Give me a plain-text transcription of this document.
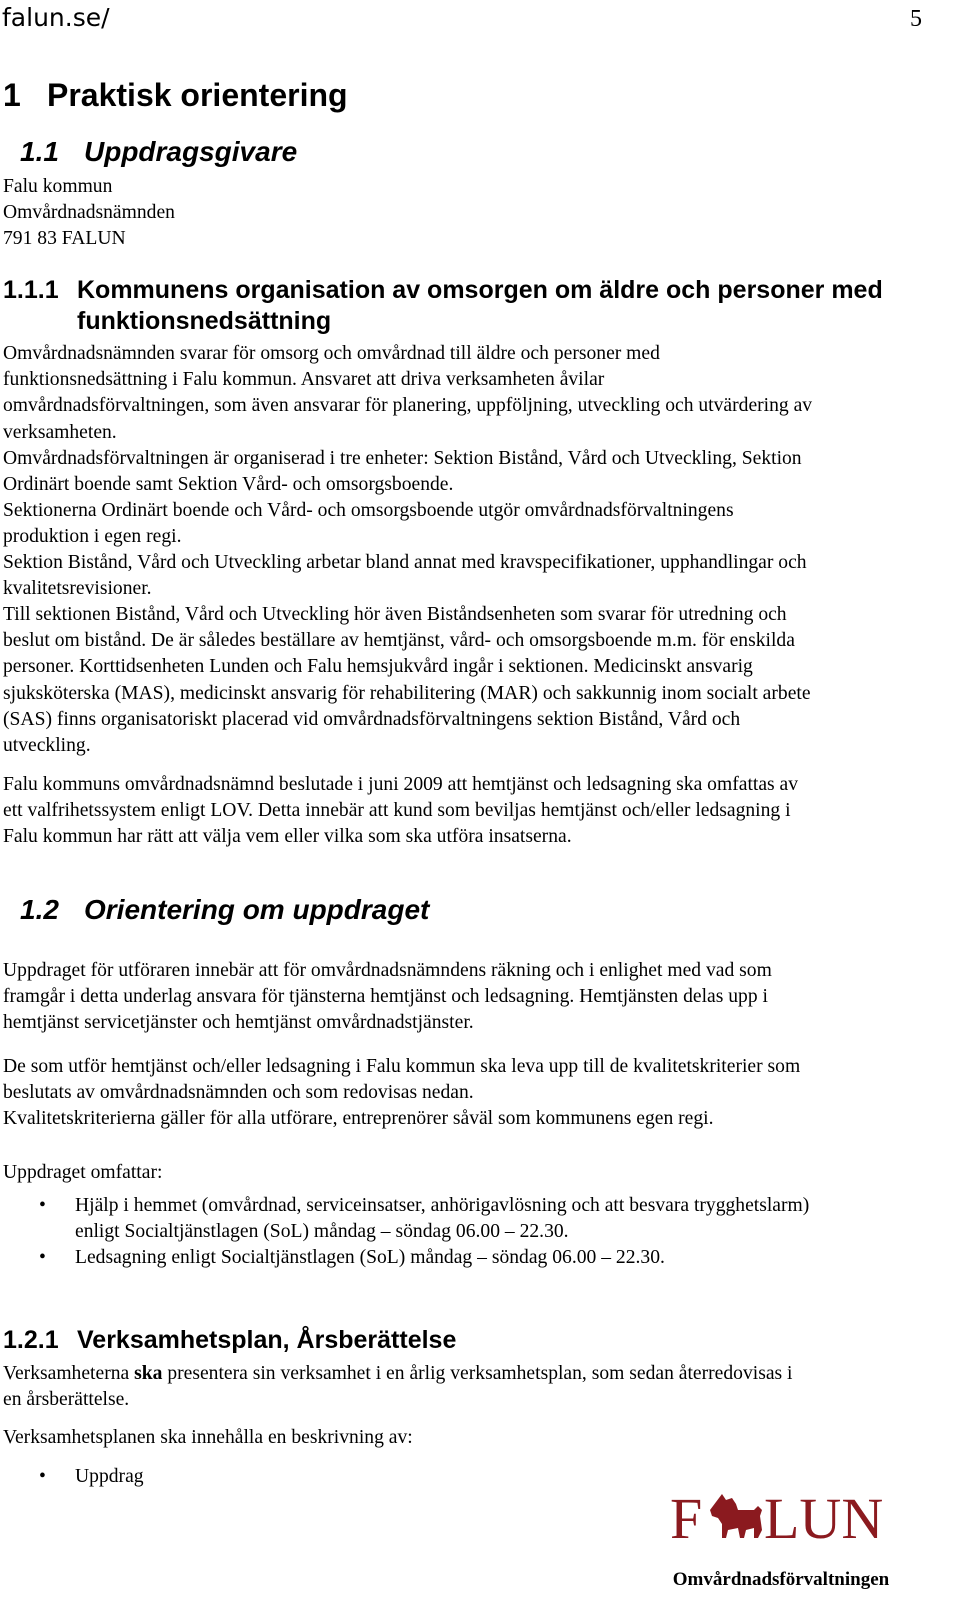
falun.se/	5
1 Praktisk orientering
1.1 Uppdragsgivare
Falu kommun
Omvårdnadsnämnden
791 83 FALUN
1.1.1 Kommunens organisation av omsorgen om äldre och personer med funktionsnedsättning
Omvårdnadsnämnden svarar för omsorg och omvårdnad till äldre och personer med
funktionsnedsättning i Falu kommun. Ansvaret att driva verksamheten åvilar
omvårdnadsförvaltningen, som även ansvarar för planering, uppföljning, utveckling och utvärdering av
verksamheten.
Omvårdnadsförvaltningen är organiserad i tre enheter: Sektion Bistånd, Vård och Utveckling, Sektion
Ordinärt boende samt Sektion Vård- och omsorgsboende.
Sektionerna Ordinärt boende och Vård- och omsorgsboende utgör omvårdnadsförvaltningens
produktion i egen regi.
Sektion Bistånd, Vård och Utveckling arbetar bland annat med kravspecifikationer, upphandlingar och
kvalitetsrevisioner.
Till sektionen Bistånd, Vård och Utveckling hör även Biståndsenheten som svarar för utredning och
beslut om bistånd. De är således beställare av hemtjänst, vård- och omsorgsboende m.m. för enskilda
personer. Korttidsenheten Lunden och Falu hemsjukvård ingår i sektionen. Medicinskt ansvarig
sjuksköterska (MAS), medicinskt ansvarig för rehabilitering (MAR) och sakkunnig inom socialt arbete
(SAS) finns organisatoriskt placerad vid omvårdnadsförvaltningens sektion Bistånd, Vård och
utveckling.
Falu kommuns omvårdnadsnämnd beslutade i juni 2009 att hemtjänst och ledsagning ska omfattas av
ett valfrihetssystem enligt LOV. Detta innebär att kund som beviljas hemtjänst och/eller ledsagning i
Falu kommun har rätt att välja vem eller vilka som ska utföra insatserna.
1.2 Orientering om uppdraget
Uppdraget för utföraren innebär att för omvårdnadsnämndens räkning och i enlighet med vad som
framgår i detta underlag ansvara för tjänsterna hemtjänst och ledsagning. Hemtjänsten delas upp i
hemtjänst servicetjänster och hemtjänst omvårdnadstjänster.
De som utför hemtjänst och/eller ledsagning i Falu kommun ska leva upp till de kvalitetskriterier som
beslutats av omvårdnadsnämnden och som redovisas nedan.
Kvalitetskriterierna gäller för alla utförare, entreprenörer såväl som kommunens egen regi.
Uppdraget omfattar:
• Hjälp i hemmet (omvårdnad, serviceinsatser, anhörigavlösning och att besvara trygghetslarm)
enligt Socialtjänstlagen (SoL) måndag – söndag 06.00 – 22.30.
• Ledsagning enligt Socialtjänstlagen (SoL) måndag – söndag 06.00 – 22.30.
1.2.1 Verksamhetsplan, Årsberättelse
Verksamheterna ska presentera sin verksamhet i en årlig verksamhetsplan, som sedan återredovisas i
en årsberättelse.
Verksamhetsplanen ska innehålla en beskrivning av:
• Uppdrag
F LUN
Omvårdnadsförvaltningen
